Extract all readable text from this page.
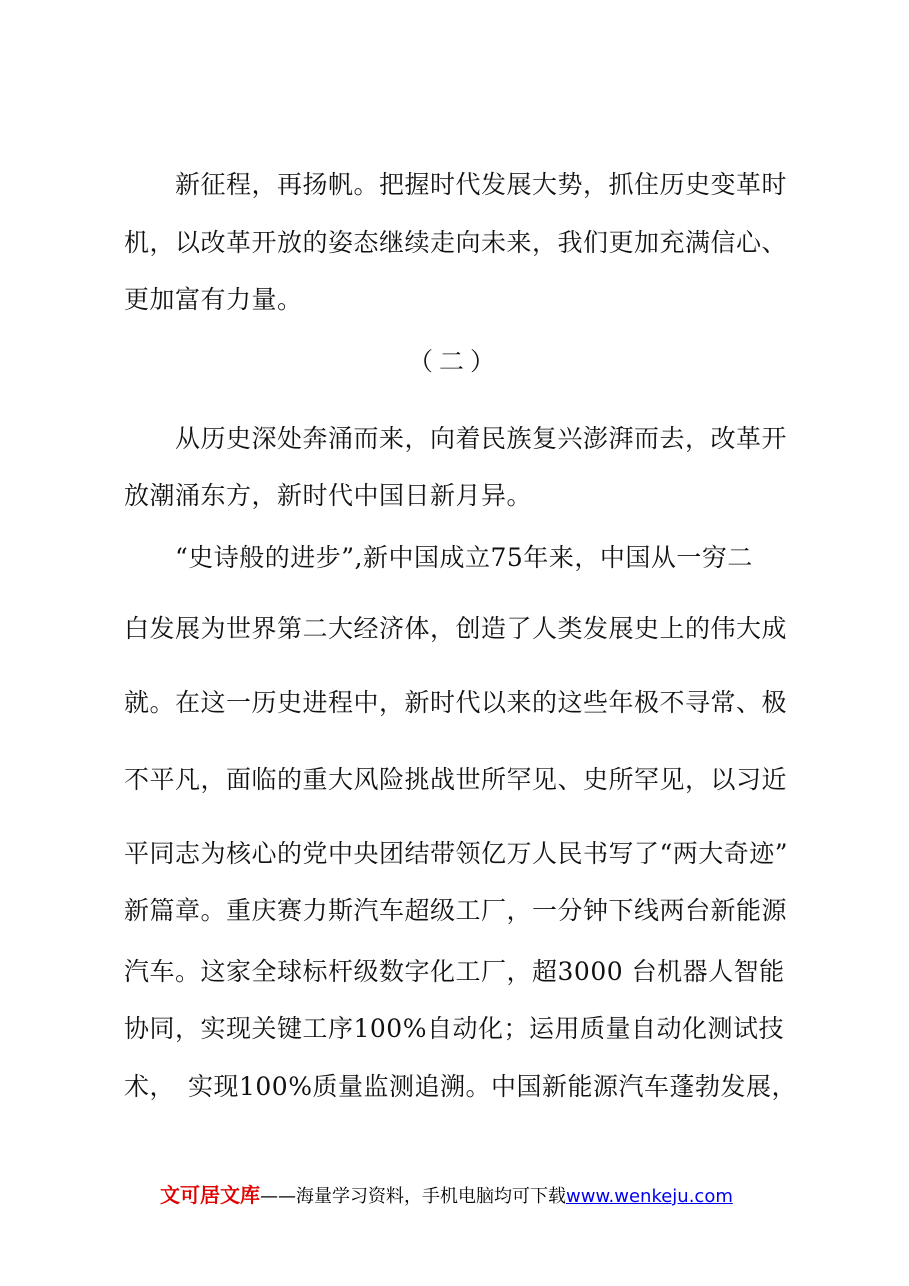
　　新征程，再扬帆。把握时代发展大势，抓住历史变革时
机，以改革开放的姿态继续走向未来，我们更加充满信心、
更加富有力量。
（二）
　　从历史深处奔涌而来，向着民族复兴澎湃而去，改革开
放潮涌东方，新时代中国日新月异。
　　“史诗般的进步”,新中国成立75年来，中国从一穷二
白发展为世界第二大经济体，创造了人类发展史上的伟大成
就。在这一历史进程中，新时代以来的这些年极不寻常、极
不平凡，面临的重大风险挑战世所罕见、史所罕见，以习近
平同志为核心的党中央团结带领亿万人民书写了“两大奇迹”
新篇章。重庆赛力斯汽车超级工厂，一分钟下线两台新能源
汽车。这家全球标杆级数字化工厂，超3000 台机器人智能
协同，实现关键工序100%自动化；运用质量自动化测试技
术，　实现100%质量监测追溯。中国新能源汽车蓬勃发展，
文可居文库——海量学习资料，手机电脑均可下载www.wenkeju.com
